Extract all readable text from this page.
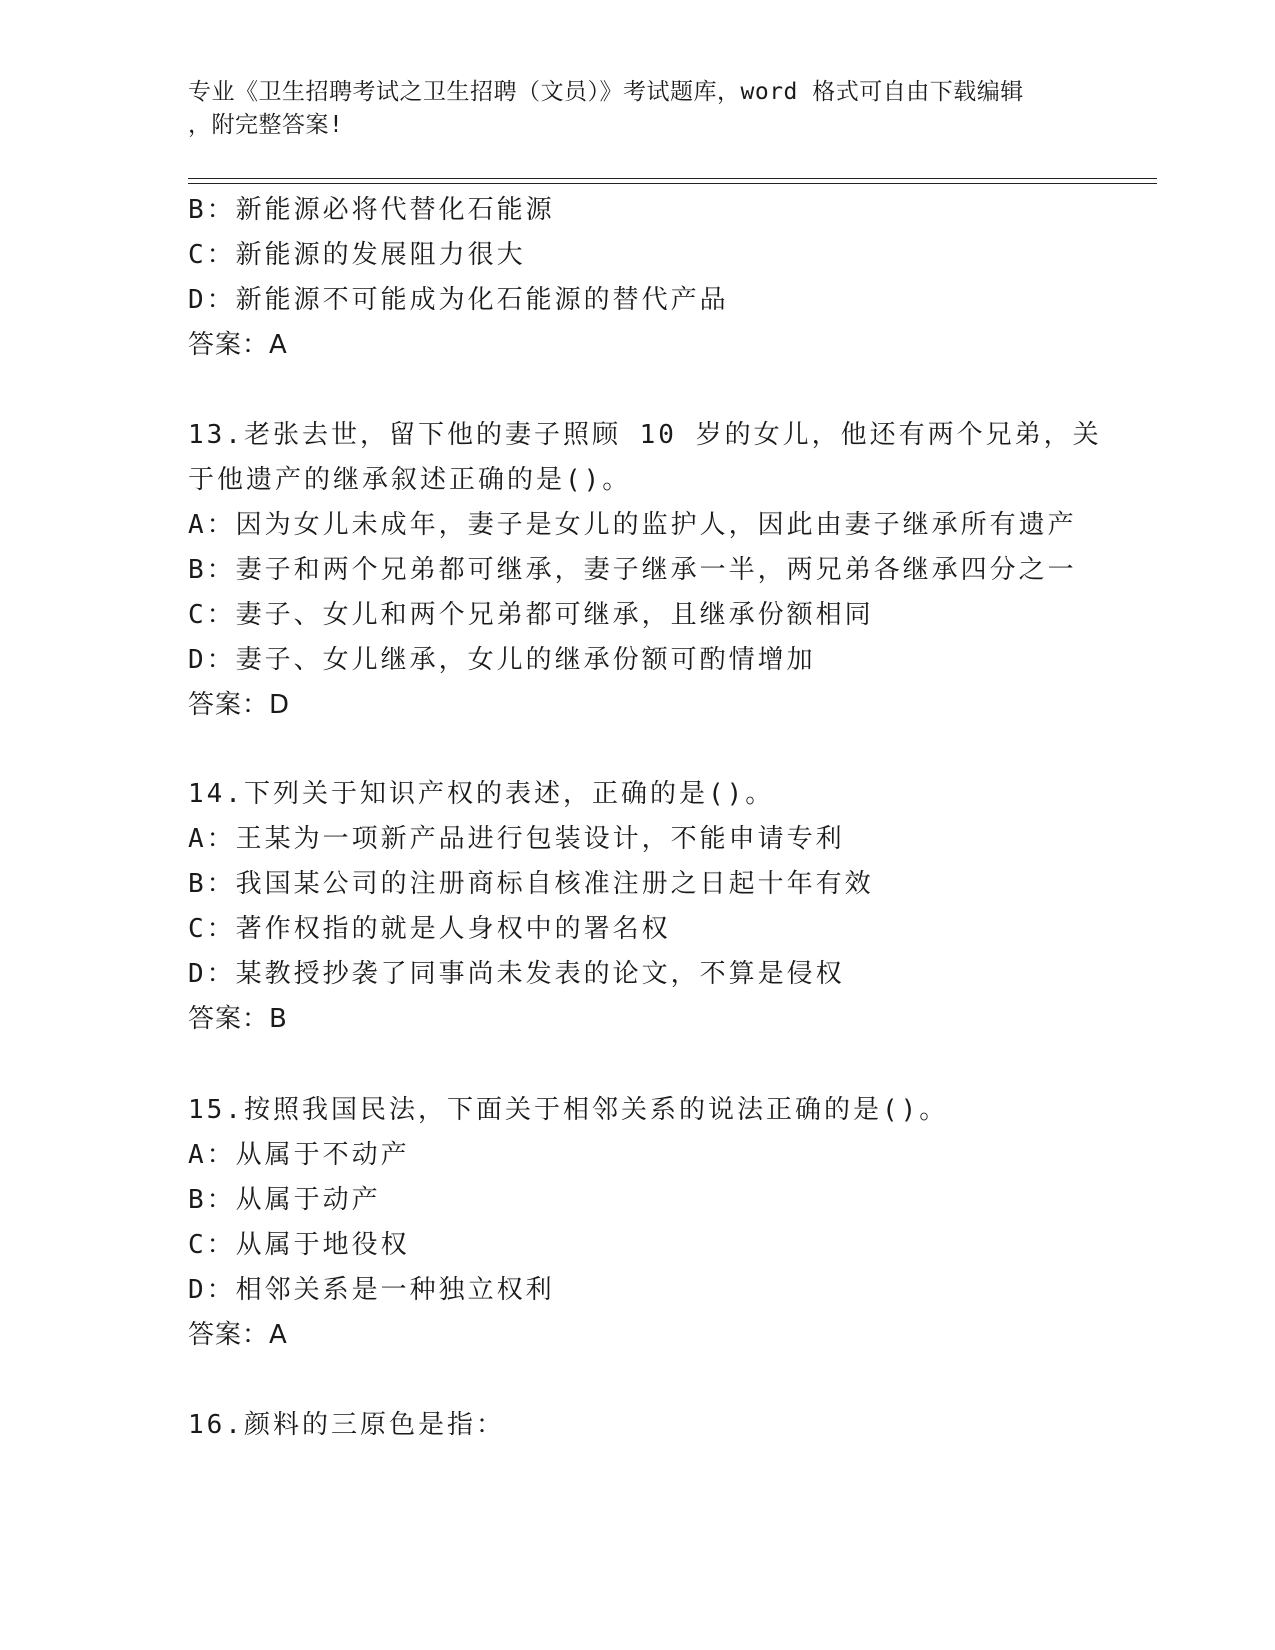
专业《卫生招聘考试之卫生招聘（文员）》考试题库，word 格式可自由下载编辑
，附完整答案!
B：新能源必将代替化石能源
C：新能源的发展阻力很大
D：新能源不可能成为化石能源的替代产品
答案：A
13.老张去世，留下他的妻子照顾 10 岁的女儿，他还有两个兄弟，关
于他遗产的继承叙述正确的是()。
A：因为女儿未成年，妻子是女儿的监护人，因此由妻子继承所有遗产
B：妻子和两个兄弟都可继承，妻子继承一半，两兄弟各继承四分之一
C：妻子、女儿和两个兄弟都可继承，且继承份额相同
D：妻子、女儿继承，女儿的继承份额可酌情增加
答案：D
14.下列关于知识产权的表述，正确的是()。
A：王某为一项新产品进行包装设计，不能申请专利
B：我国某公司的注册商标自核准注册之日起十年有效
C：著作权指的就是人身权中的署名权
D：某教授抄袭了同事尚未发表的论文，不算是侵权
答案：B
15.按照我国民法，下面关于相邻关系的说法正确的是()。
A：从属于不动产
B：从属于动产
C：从属于地役权
D：相邻关系是一种独立权利
答案：A
16.颜料的三原色是指：
